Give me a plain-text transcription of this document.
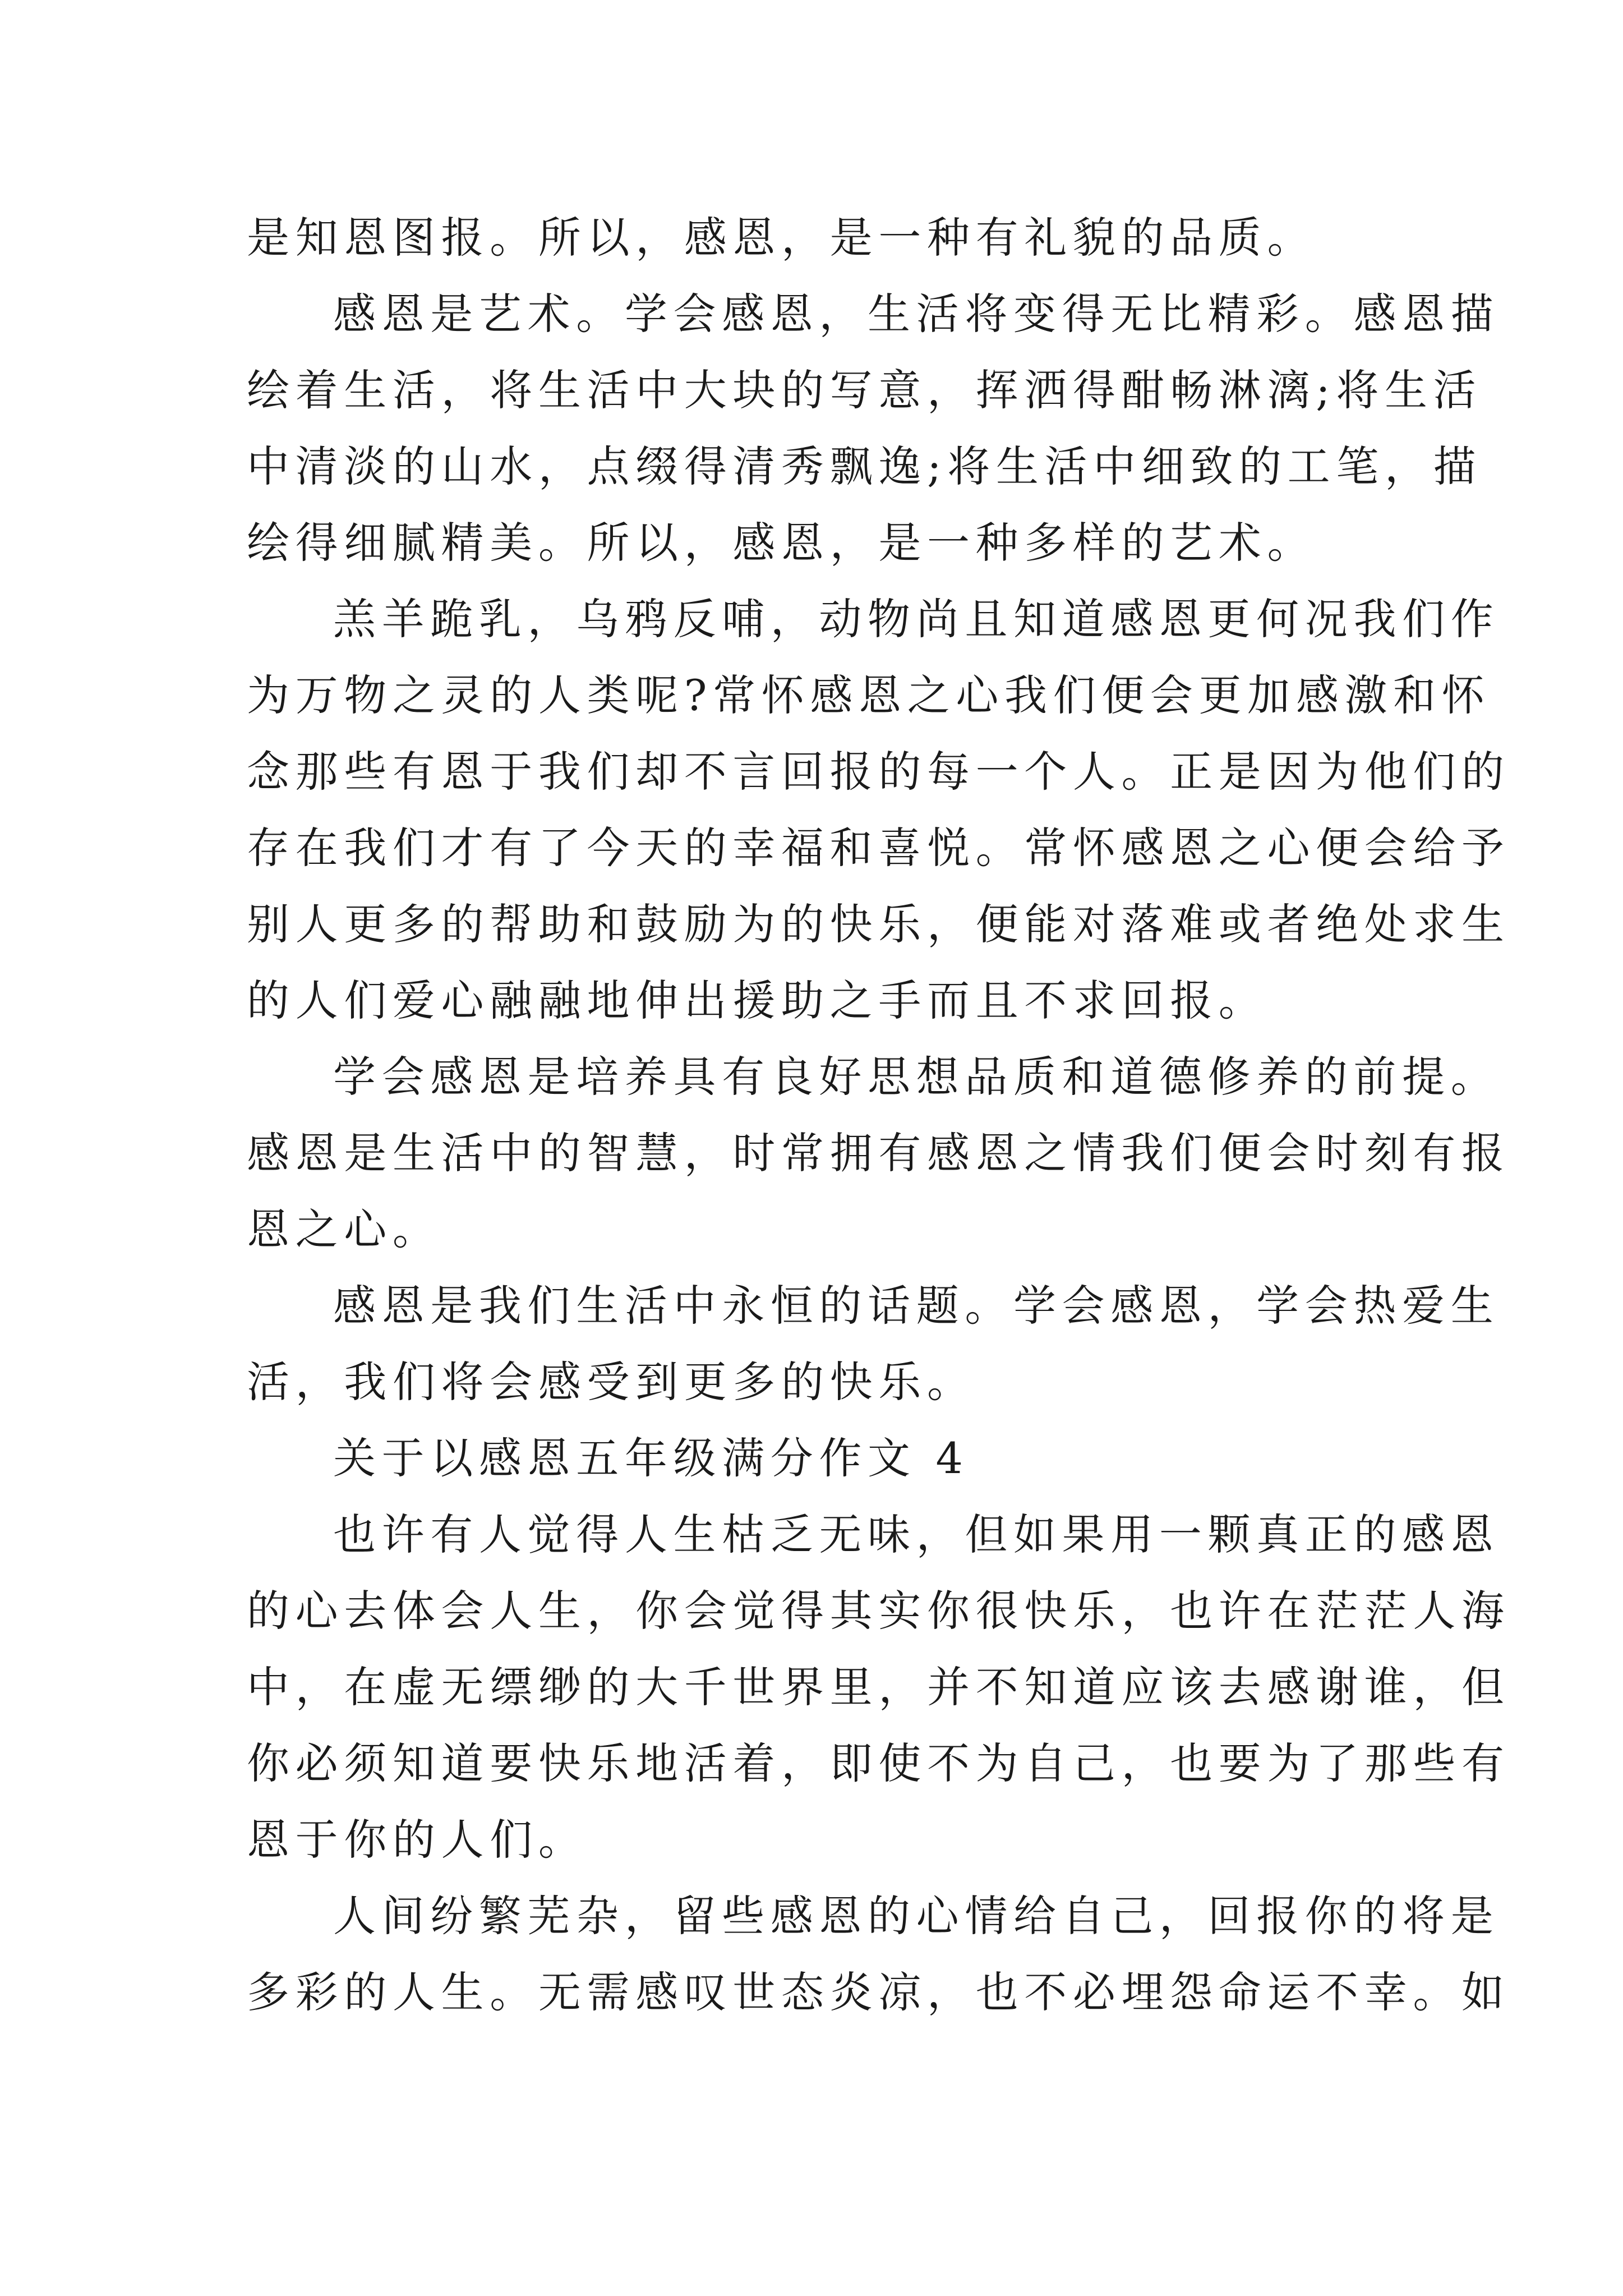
是知恩图报。所以，感恩，是一种有礼貌的品质。
感恩是艺术。学会感恩，生活将变得无比精彩。感恩描
绘着生活，将生活中大块的写意，挥洒得酣畅淋漓;将生活
中清淡的山水，点缀得清秀飘逸;将生活中细致的工笔，描
绘得细腻精美。所以，感恩，是一种多样的艺术。
羔羊跪乳，乌鸦反哺，动物尚且知道感恩更何况我们作
为万物之灵的人类呢?常怀感恩之心我们便会更加感激和怀
念那些有恩于我们却不言回报的每一个人。正是因为他们的
存在我们才有了今天的幸福和喜悦。常怀感恩之心便会给予
别人更多的帮助和鼓励为的快乐，便能对落难或者绝处求生
的人们爱心融融地伸出援助之手而且不求回报。
学会感恩是培养具有良好思想品质和道德修养的前提。
感恩是生活中的智慧，时常拥有感恩之情我们便会时刻有报
恩之心。
感恩是我们生活中永恒的话题。学会感恩，学会热爱生
活，我们将会感受到更多的快乐。
关于以感恩五年级满分作文 4
也许有人觉得人生枯乏无味，但如果用一颗真正的感恩
的心去体会人生，你会觉得其实你很快乐，也许在茫茫人海
中，在虚无缥缈的大千世界里，并不知道应该去感谢谁，但
你必须知道要快乐地活着，即使不为自己，也要为了那些有
恩于你的人们。
人间纷繁芜杂，留些感恩的心情给自己，回报你的将是
多彩的人生。无需感叹世态炎凉，也不必埋怨命运不幸。如
